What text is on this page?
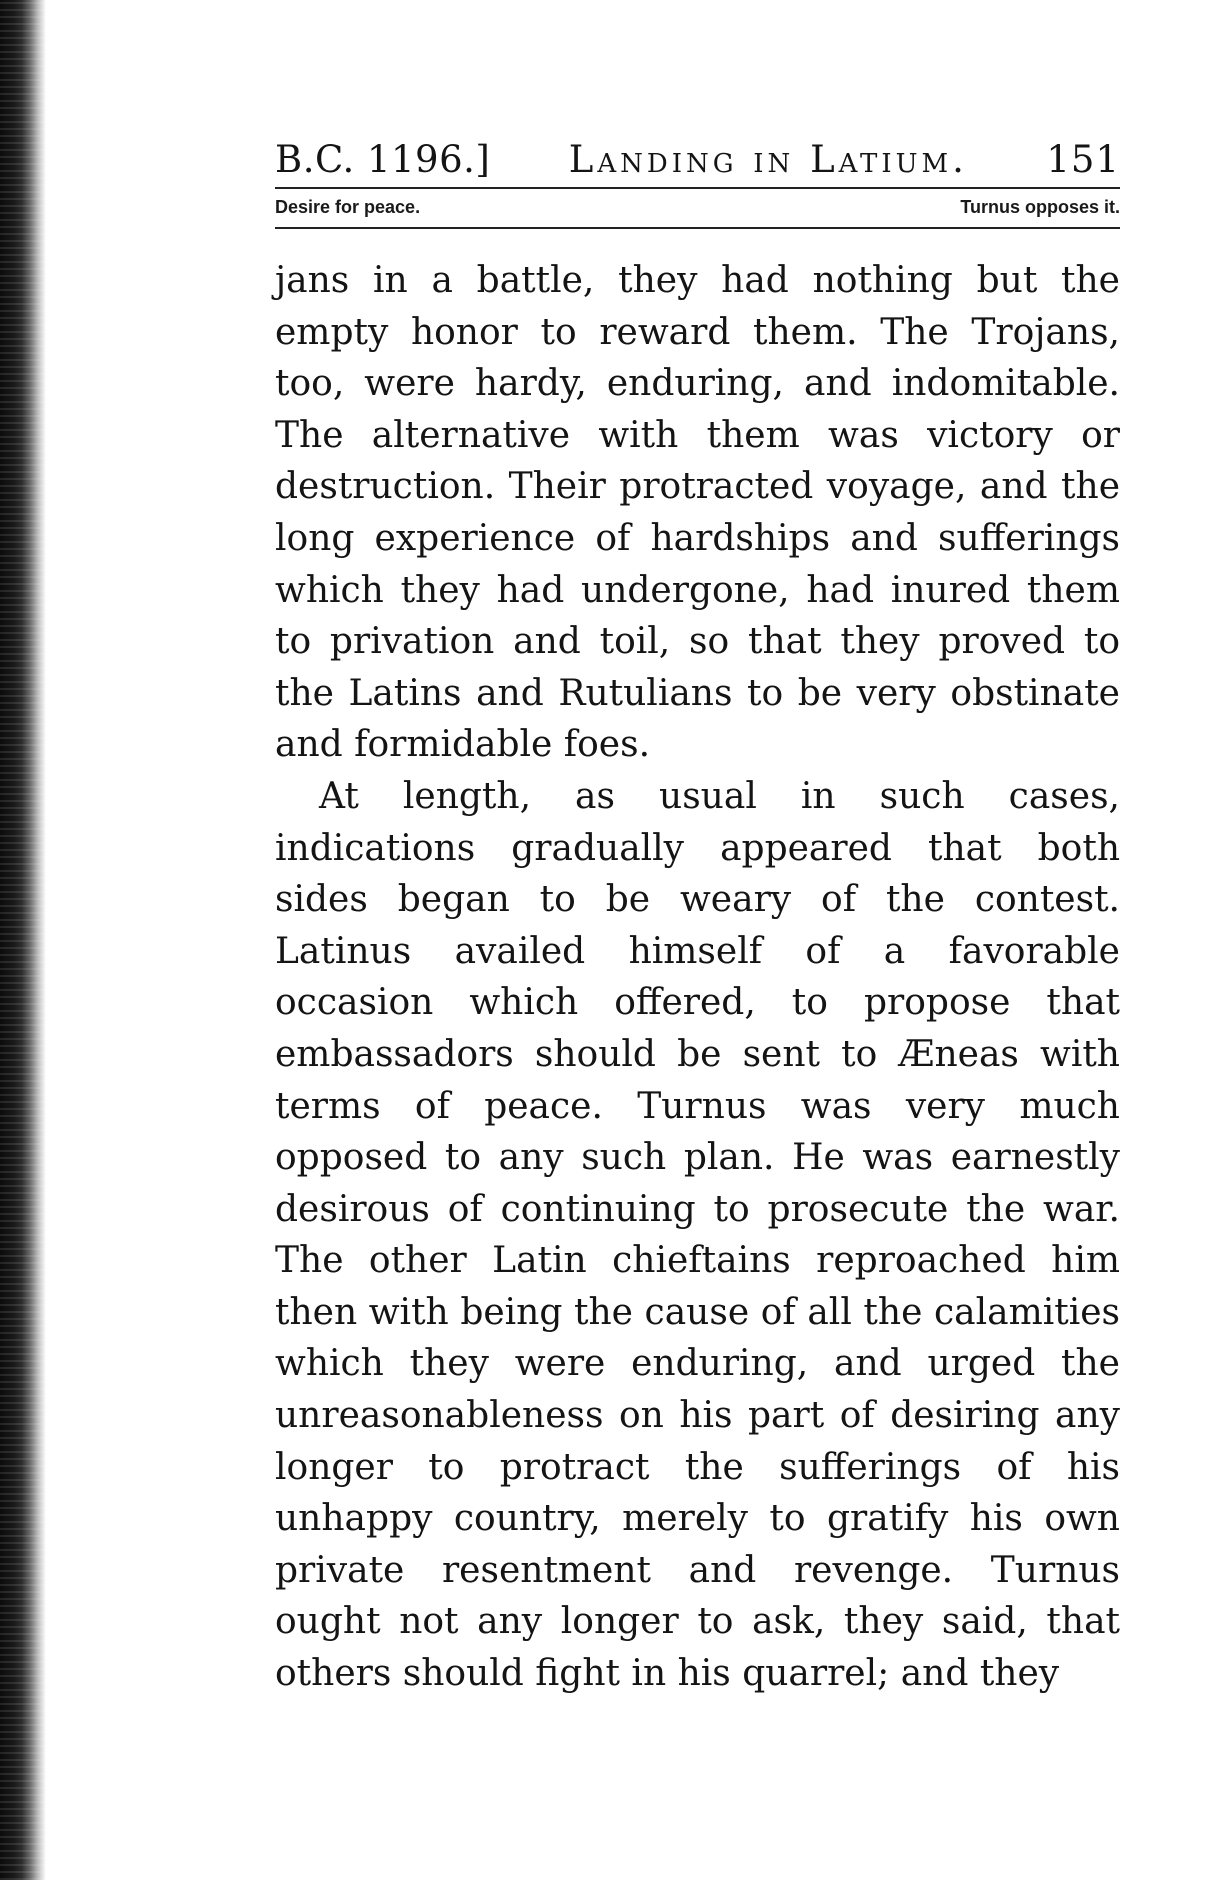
B.C. 1196.] Landing in Latium. 151
Desire for peace.	Turnus opposes it.

jans in a battle, they had nothing but the empty honor to reward them. The Trojans, too, were hardy, enduring, and indomitable. The alternative with them was victory or destruction. Their protracted voyage, and the long experience of hardships and sufferings which they had undergone, had inured them to privation and toil, so that they proved to the Latins and Rutulians to be very obstinate and formidable foes.

At length, as usual in such cases, indications gradually appeared that both sides began to be weary of the contest. Latinus availed himself of a favorable occasion which offered, to propose that embassadors should be sent to Æneas with terms of peace. Turnus was very much opposed to any such plan. He was earnestly desirous of continuing to prosecute the war. The other Latin chieftains reproached him then with being the cause of all the calamities which they were enduring, and urged the unreasonableness on his part of desiring any longer to protract the sufferings of his unhappy country, merely to gratify his own private resentment and revenge. Turnus ought not any longer to ask, they said, that others should fight in his quarrel; and they
